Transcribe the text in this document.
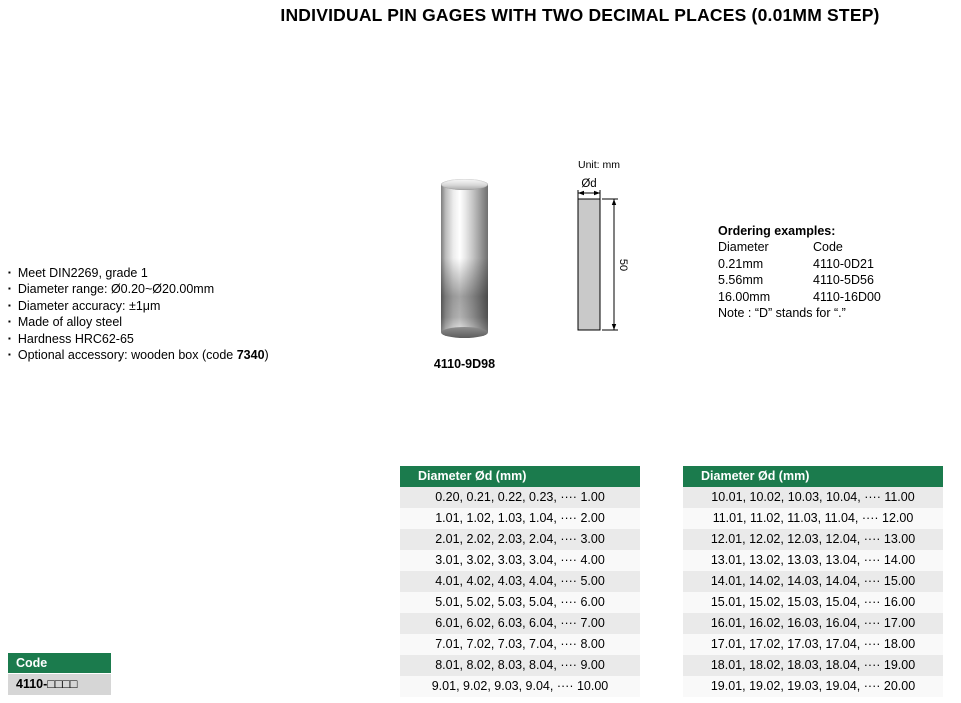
INDIVIDUAL PIN GAGES WITH TWO DECIMAL PLACES (0.01MM STEP)
▪ Meet DIN2269, grade 1
▪ Diameter range: Ø0.20~Ø20.00mm
▪ Diameter accuracy: ±1μm
▪ Made of alloy steel
▪ Hardness HRC62-65
▪ Optional accessory: wooden box (code 7340)
4110-9D98
Unit: mm
Ød
50
Ordering examples:
Diameter	Code
0.21mm	4110-0D21
5.56mm	4110-5D56
16.00mm	4110-16D00
Note : “D” stands for “.”
Diameter Ød (mm)
0.20, 0.21, 0.22, 0.23, ···· 1.00
1.01, 1.02, 1.03, 1.04, ···· 2.00
2.01, 2.02, 2.03, 2.04, ···· 3.00
3.01, 3.02, 3.03, 3.04, ···· 4.00
4.01, 4.02, 4.03, 4.04, ···· 5.00
5.01, 5.02, 5.03, 5.04, ···· 6.00
6.01, 6.02, 6.03, 6.04, ···· 7.00
7.01, 7.02, 7.03, 7.04, ···· 8.00
8.01, 8.02, 8.03, 8.04, ···· 9.00
9.01, 9.02, 9.03, 9.04, ···· 10.00
Diameter Ød (mm)
10.01, 10.02, 10.03, 10.04, ···· 11.00
11.01, 11.02, 11.03, 11.04, ···· 12.00
12.01, 12.02, 12.03, 12.04, ···· 13.00
13.01, 13.02, 13.03, 13.04, ···· 14.00
14.01, 14.02, 14.03, 14.04, ···· 15.00
15.01, 15.02, 15.03, 15.04, ···· 16.00
16.01, 16.02, 16.03, 16.04, ···· 17.00
17.01, 17.02, 17.03, 17.04, ···· 18.00
18.01, 18.02, 18.03, 18.04, ···· 19.00
19.01, 19.02, 19.03, 19.04, ···· 20.00
Code
4110-□□□□
